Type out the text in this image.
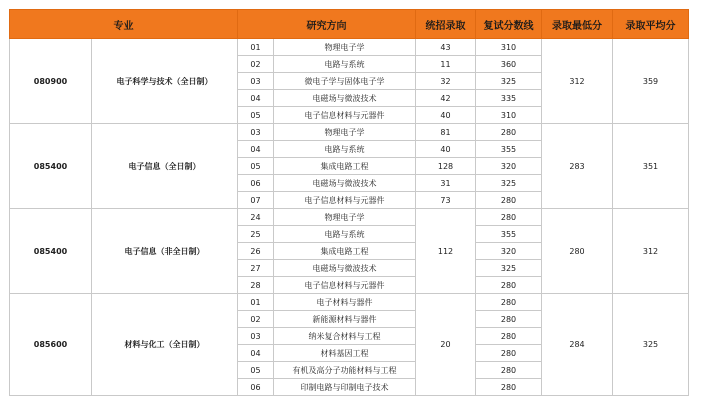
专业		研究方向		统招录取	复试分数线	录取最低分	录取平均分
080900	电子科学与技术（全日制）	01	物理电子学	43	310	312	359
		02	电路与系统	11	360		
		03	微电子学与固体电子学	32	325		
		04	电磁场与微波技术	42	335		
		05	电子信息材料与元器件	40	310		
085400	电子信息（全日制）	03	物理电子学	81	280	283	351
		04	电路与系统	40	355		
		05	集成电路工程	128	320		
		06	电磁场与微波技术	31	325		
		07	电子信息材料与元器件	73	280		
085400	电子信息（非全日制）	24	物理电子学	112	280	280	312
		25	电路与系统		355		
		26	集成电路工程		320		
		27	电磁场与微波技术		325		
		28	电子信息材料与元器件		280		
085600	材料与化工（全日制）	01	电子材料与器件	20	280	284	325
		02	新能源材料与器件		280		
		03	纳米复合材料与工程		280		
		04	材料基因工程		280		
		05	有机及高分子功能材料与工程		280		
		06	印制电路与印制电子技术		280		
